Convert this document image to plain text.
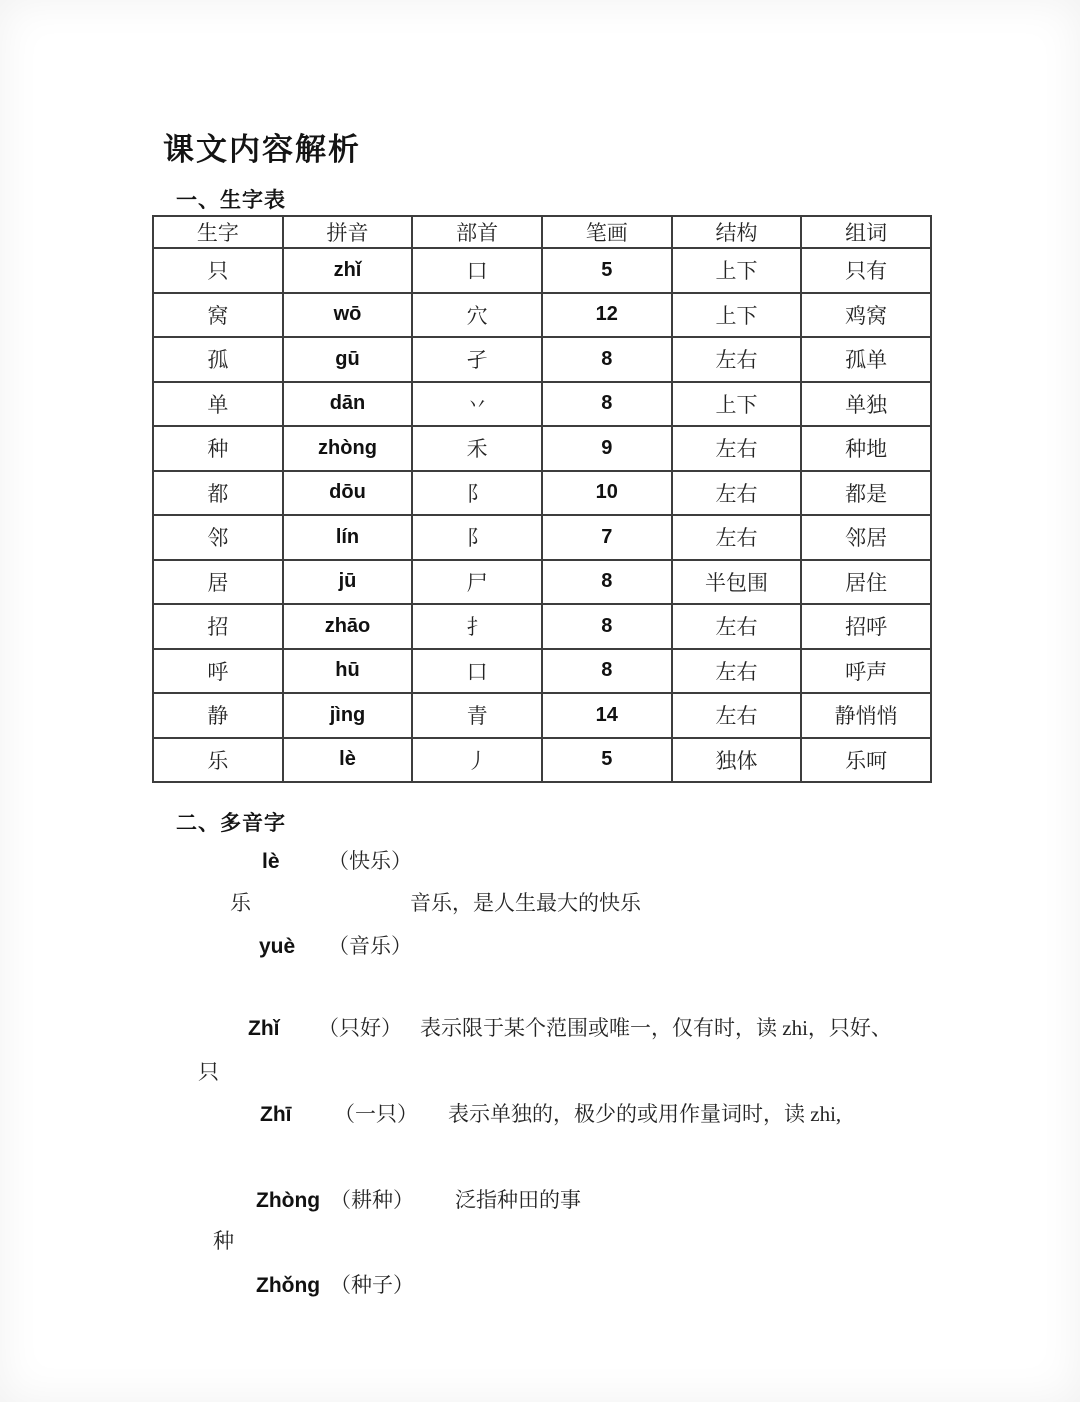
课文内容解析
一、生字表
生字	拼音	部首	笔画	结构	组词
只	zhǐ	口	5	上下	只有
窝	wō	穴	12	上下	鸡窝
孤	gū	孑	8	左右	孤单
单	dān	丷	8	上下	单独
种	zhòng	禾	9	左右	种地
都	dōu	阝	10	左右	都是
邻	lín	阝	7	左右	邻居
居	jū	尸	8	半包围	居住
招	zhāo	扌	8	左右	招呼
呼	hū	口	8	左右	呼声
静	jìng	青	14	左右	静悄悄
乐	lè	丿	5	独体	乐呵
二、多音字
lè （快乐）
乐	音乐，是人生最大的快乐
yuè （音乐）
Zhǐ （只好） 表示限于某个范围或唯一，仅有时，读 zhi，只好、
只
Zhī （一只） 表示单独的，极少的或用作量词时，读 zhi,
Zhòng （耕种） 泛指种田的事
种
Zhǒng （种子）
